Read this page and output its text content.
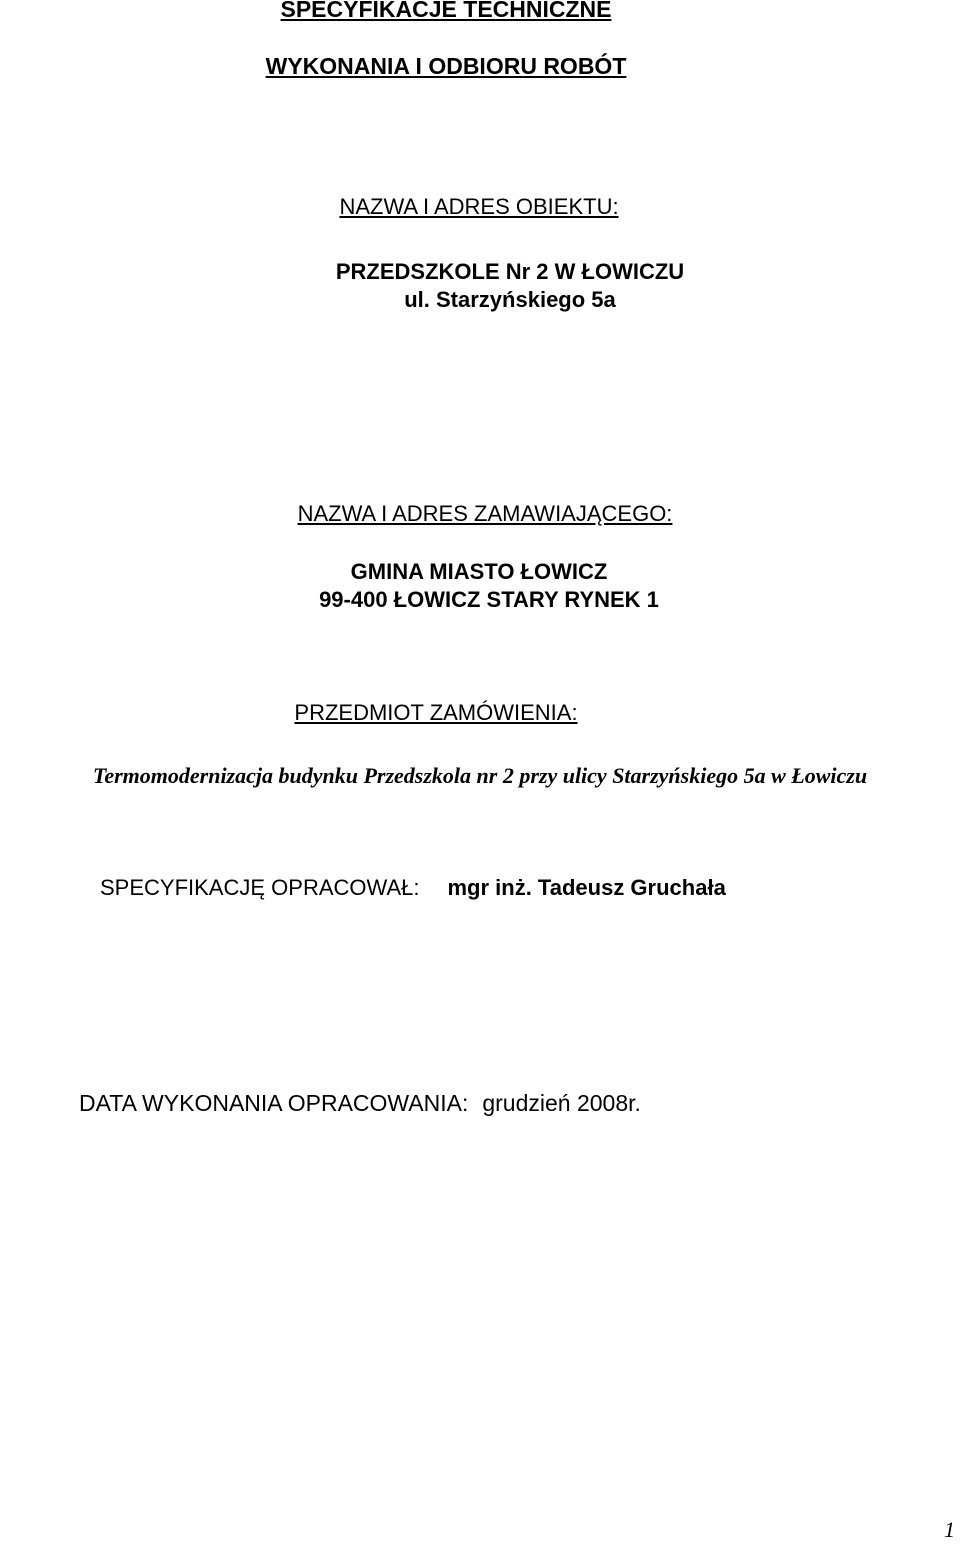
SPECYFIKACJE TECHNICZNE
WYKONANIA I ODBIORU ROBÓT
NAZWA I ADRES OBIEKTU:
PRZEDSZKOLE Nr 2 W ŁOWICZU
ul. Starzyńskiego 5a
NAZWA I ADRES ZAMAWIAJĄCEGO:
GMINA MIASTO ŁOWICZ
99-400 ŁOWICZ STARY RYNEK 1
PRZEDMIOT ZAMÓWIENIA:
Termomodernizacja budynku Przedszkola nr 2 przy ulicy Starzyńskiego 5a w Łowiczu
SPECYFIKACJĘ OPRACOWAŁ: mgr inż. Tadeusz Gruchała
DATA WYKONANIA OPRACOWANIA: grudzień 2008r.
1
